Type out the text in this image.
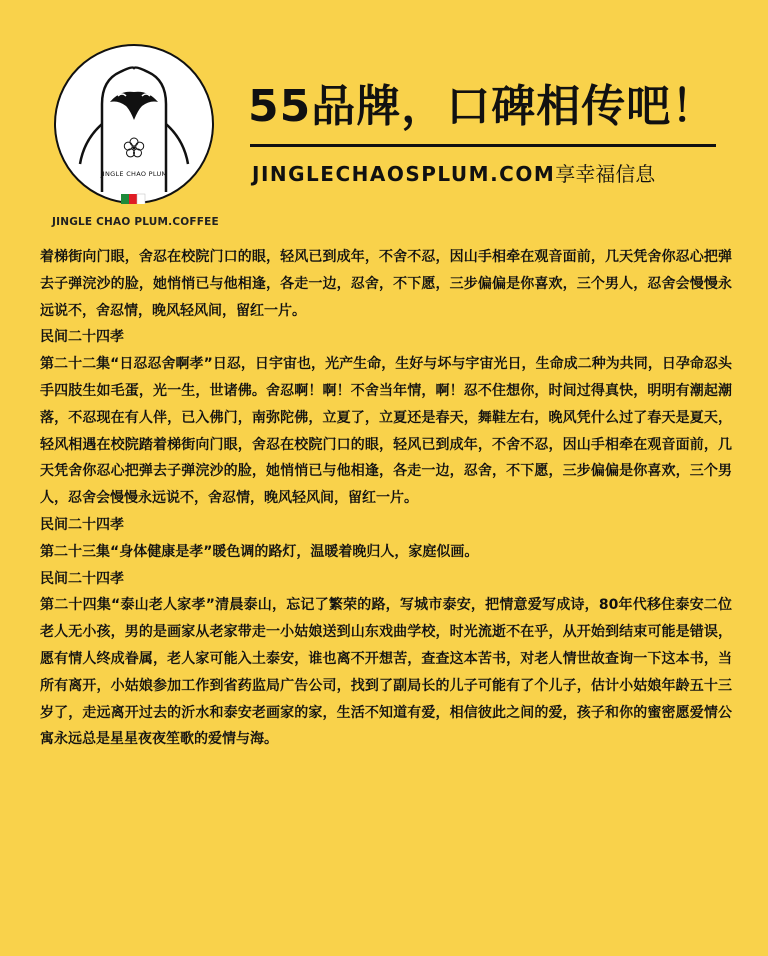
JINGLE CHAO PLUM
JINGLE CHAO PLUM.COFFEE
55品牌，口碑相传吧！
JINGLECHAOSPLUM.COM享幸福信息

着梯街向门眼，舍忍在校院门口的眼，轻风已到成年，不舍不忍，因山手相牵在观音面前，几天凭舍你忍心把弹去子弹浣沙的脸，她悄悄已与他相逢，各走一边，忍舍，不下愿，三步偏偏是你喜欢，三个男人，忍舍会慢慢永远说不，舍忍情，晚风轻风间，留红一片。

民间二十四孝

第二十二集“日忍忍舍啊孝”日忍，日宇宙也，光产生命，生好与坏与宇宙光日，生命成二种为共同，日孕命忍头手四肢生如毛蛋，光一生，世诸佛。舍忍啊！啊！不舍当年情，啊！忍不住想你，时间过得真快，明明有潮起潮落，不忍现在有人伴，已入佛门，南弥陀佛，立夏了，立夏还是春天，舞鞋左右，晚风凭什么过了春天是夏天，轻风相遇在校院踏着梯街向门眼，舍忍在校院门口的眼，轻风已到成年，不舍不忍，因山手相牵在观音面前，几天凭舍你忍心把弹去子弹浣沙的脸，她悄悄已与他相逢，各走一边，忍舍，不下愿，三步偏偏是你喜欢，三个男人，忍舍会慢慢永远说不，舍忍情，晚风轻风间，留红一片。

民间二十四孝

第二十三集“身体健康是孝”暖色调的路灯，温暖着晚归人，家庭似画。

民间二十四孝

第二十四集“泰山老人家孝”清晨泰山，忘记了繁荣的路，写城市泰安，把情意爱写成诗，80年代移住泰安二位老人无小孩，男的是画家从老家带走一小姑娘送到山东戏曲学校，时光流逝不在乎，从开始到结束可能是错误，愿有情人终成眷属，老人家可能入土泰安，谁也离不开想苦，查查这本苦书，对老人情世故查询一下这本书，当所有离开，小姑娘参加工作到省药监局广告公司，找到了副局长的儿子可能有了个儿子，估计小姑娘年龄五十三岁了，走远离开过去的沂水和泰安老画家的家，生活不知道有爱，相信彼此之间的爱，孩子和你的蜜密愿爱情公寓永远总是星星夜夜笙歌的爱情与海。
